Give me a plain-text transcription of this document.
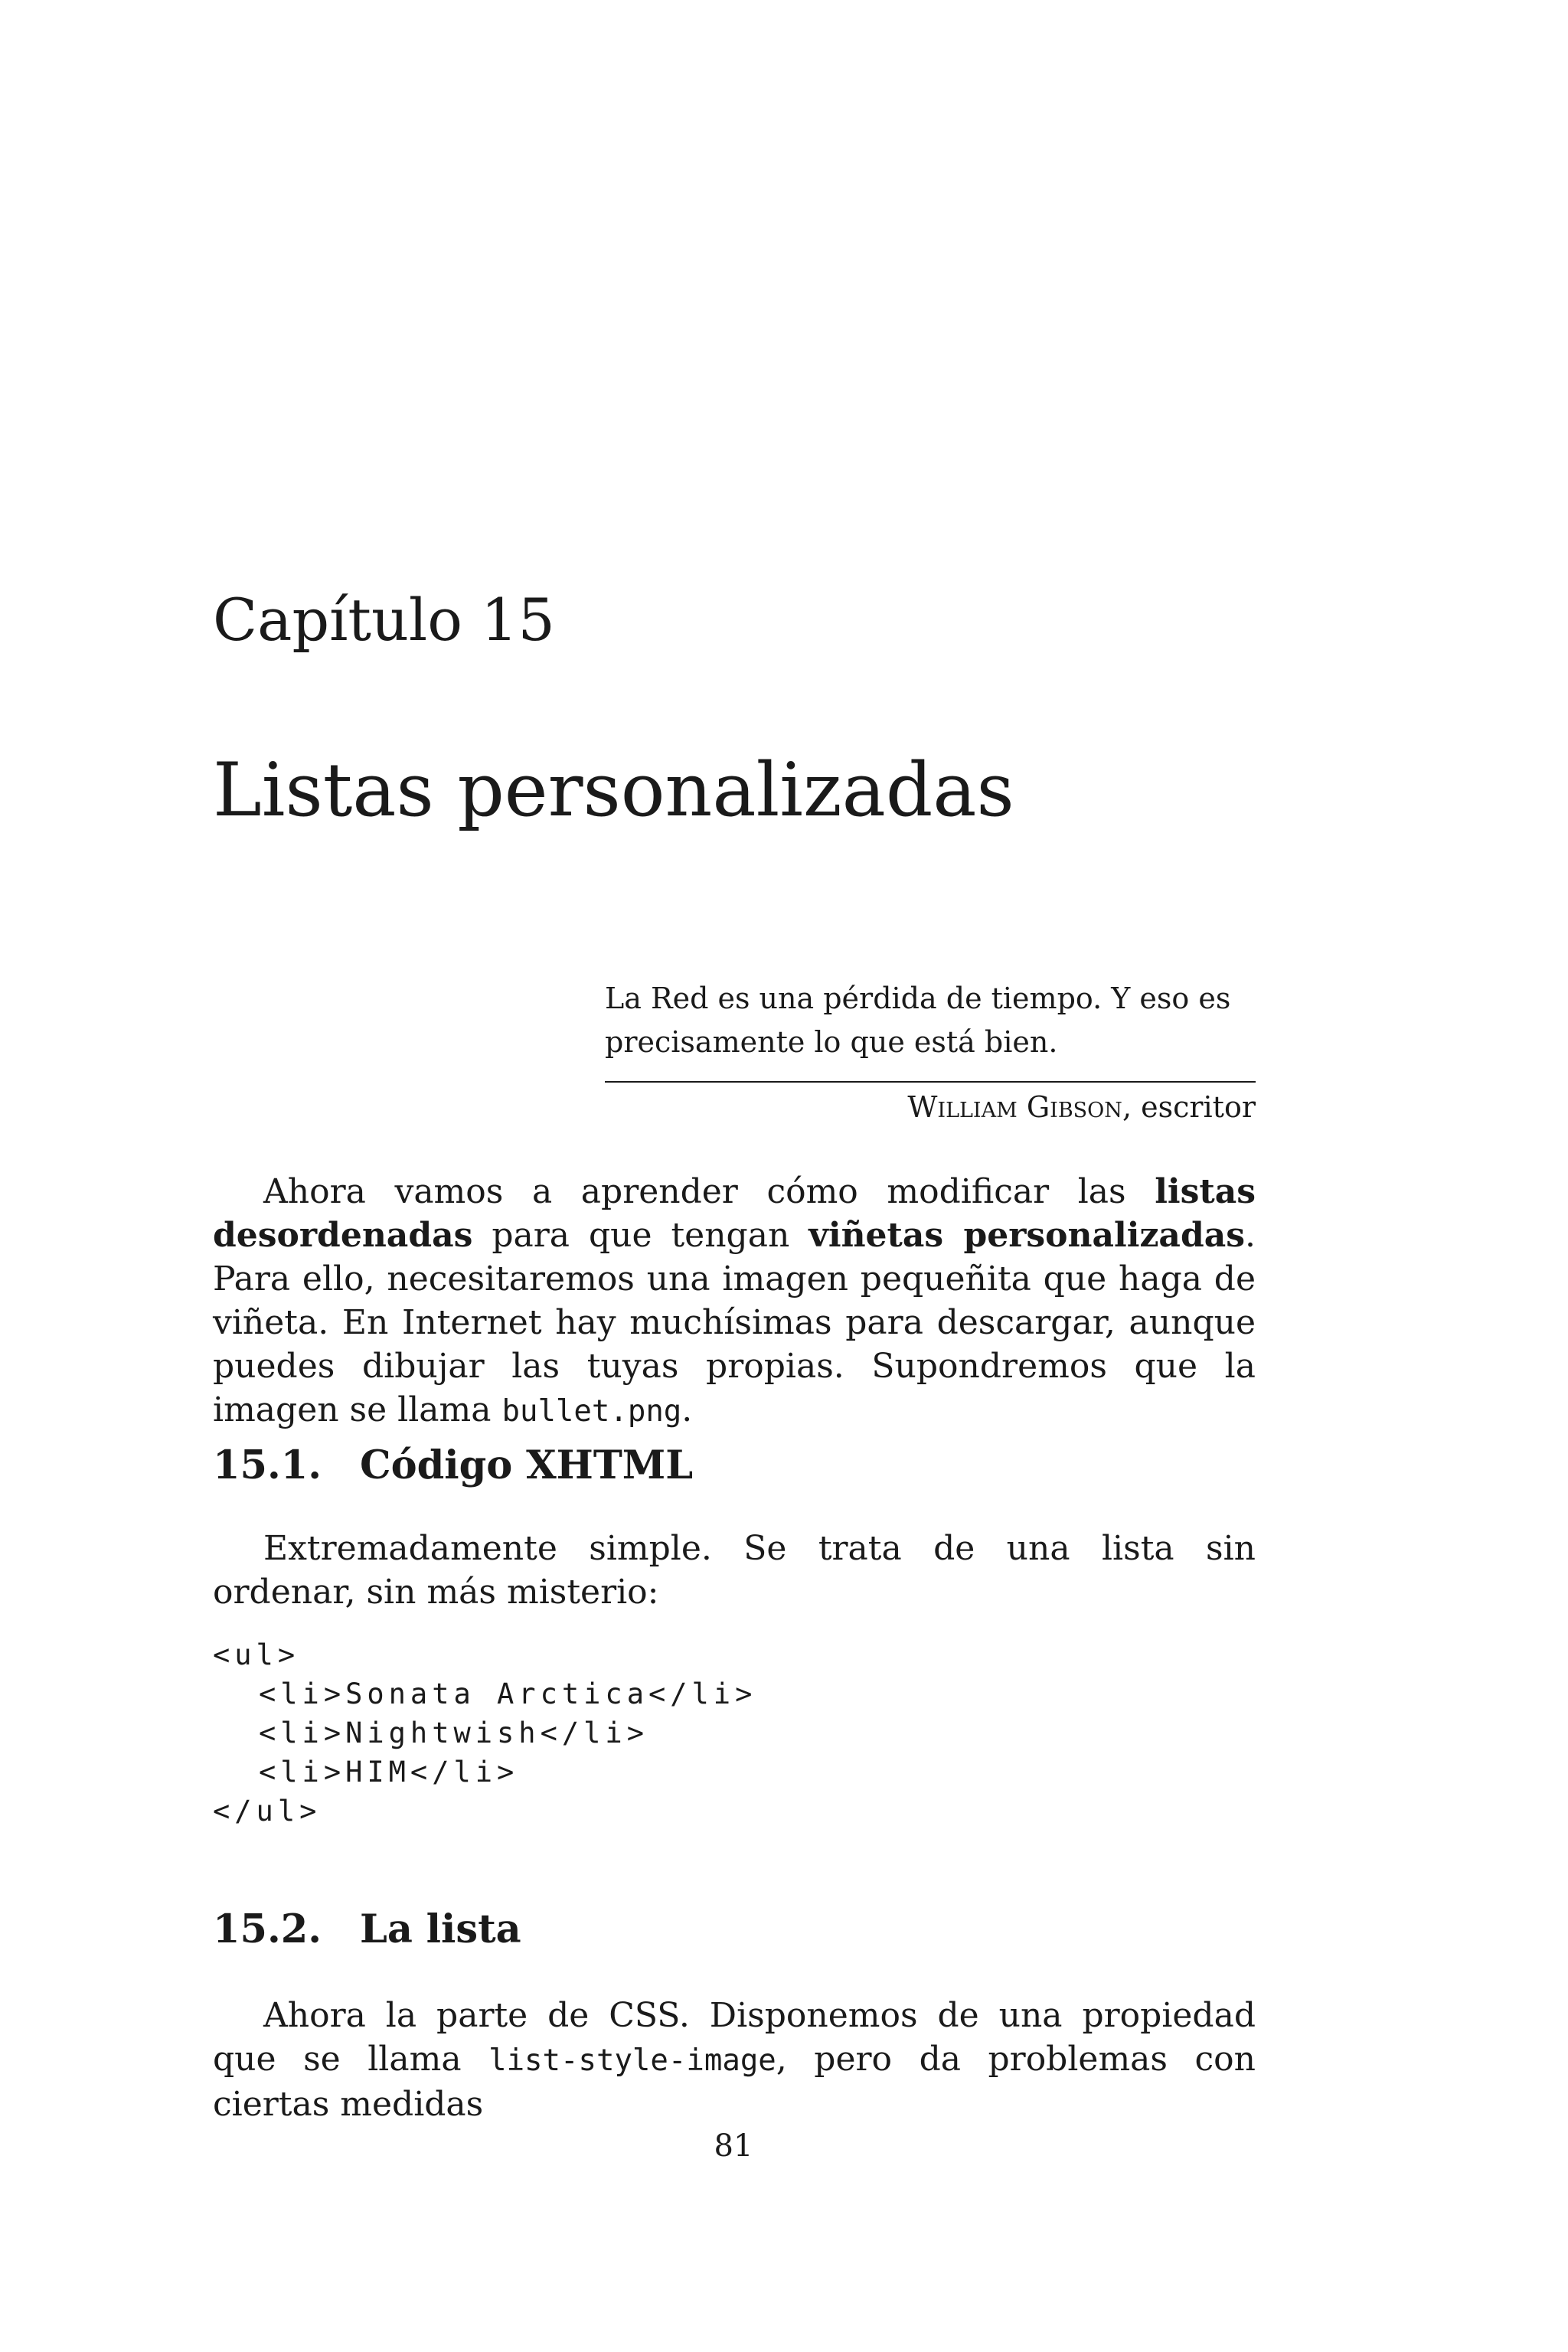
Capítulo 15
Listas personalizadas

La Red es una pérdida de tiempo. Y eso es precisamente lo que está bien.

William Gibson, escritor

Ahora vamos a aprender cómo modificar las listas desordenadas para que tengan viñetas personalizadas. Para ello, necesitaremos una imagen pequeñita que haga de viñeta. En Internet hay muchísimas para descargar, aunque puedes dibujar las tuyas propias. Supondremos que la imagen se llama bullet.png.

15.1. Código XHTML

Extremadamente simple. Se trata de una lista sin ordenar, sin más misterio:

<ul>
<li>Sonata Arctica</li>
<li>Nightwish</li>
<li>HIM</li>
</ul>
15.2. La lista

Ahora la parte de CSS. Disponemos de una propiedad que se llama list-style-image, pero da problemas con ciertas medidas

81
